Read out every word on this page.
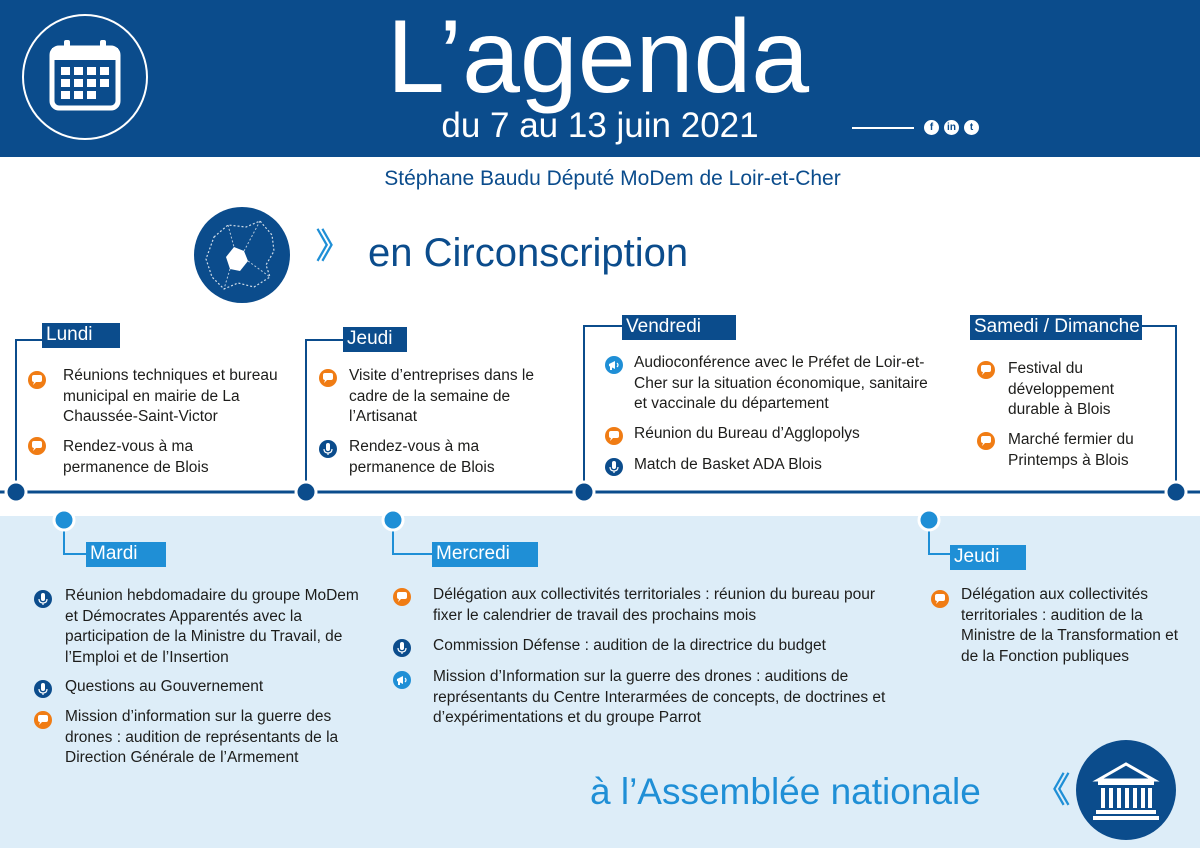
L’agenda
du 7 au 13 juin 2021	f	in	t
Stéphane Baudu Député MoDem de Loir-et-Cher
》 en Circonscription
Lundi	Jeudi
Vendredi	Samedi / Dimanche
Réunions techniques et bureau municipal en mairie de La Chaussée-Saint-Victor
Rendez-vous à ma permanence de Blois
Visite d’entreprises dans le cadre de la semaine de l’Artisanat
Rendez-vous à ma permanence de Blois
Audioconférence avec le Préfet de Loir-et-Cher sur la situation économique, sanitaire et vaccinale du département
Réunion du Bureau d’Agglopolys
Match de Basket ADA Blois
Festival du développement durable à Blois
Marché fermier du Printemps à Blois
Mardi	Mercredi	Jeudi
Réunion hebdomadaire du groupe MoDem et Démocrates Apparentés avec la participation de la Ministre du Travail, de l’Emploi et de l’Insertion
Questions au Gouvernement
Mission d’information sur la guerre des drones : audition de représentants de la Direction Générale de l’Armement
Délégation aux collectivités territoriales : réunion du bureau pour fixer le calendrier de travail des prochains mois
Commission Défense : audition de la directrice du budget
Mission d’Information sur la guerre des drones : auditions de représentants du Centre Interarmées de concepts, de doctrines et d’expérimentations et du groupe Parrot
Délégation aux collectivités territoriales : audition de la Ministre de la Transformation et de la Fonction publiques
à l’Assemblée nationale 《
